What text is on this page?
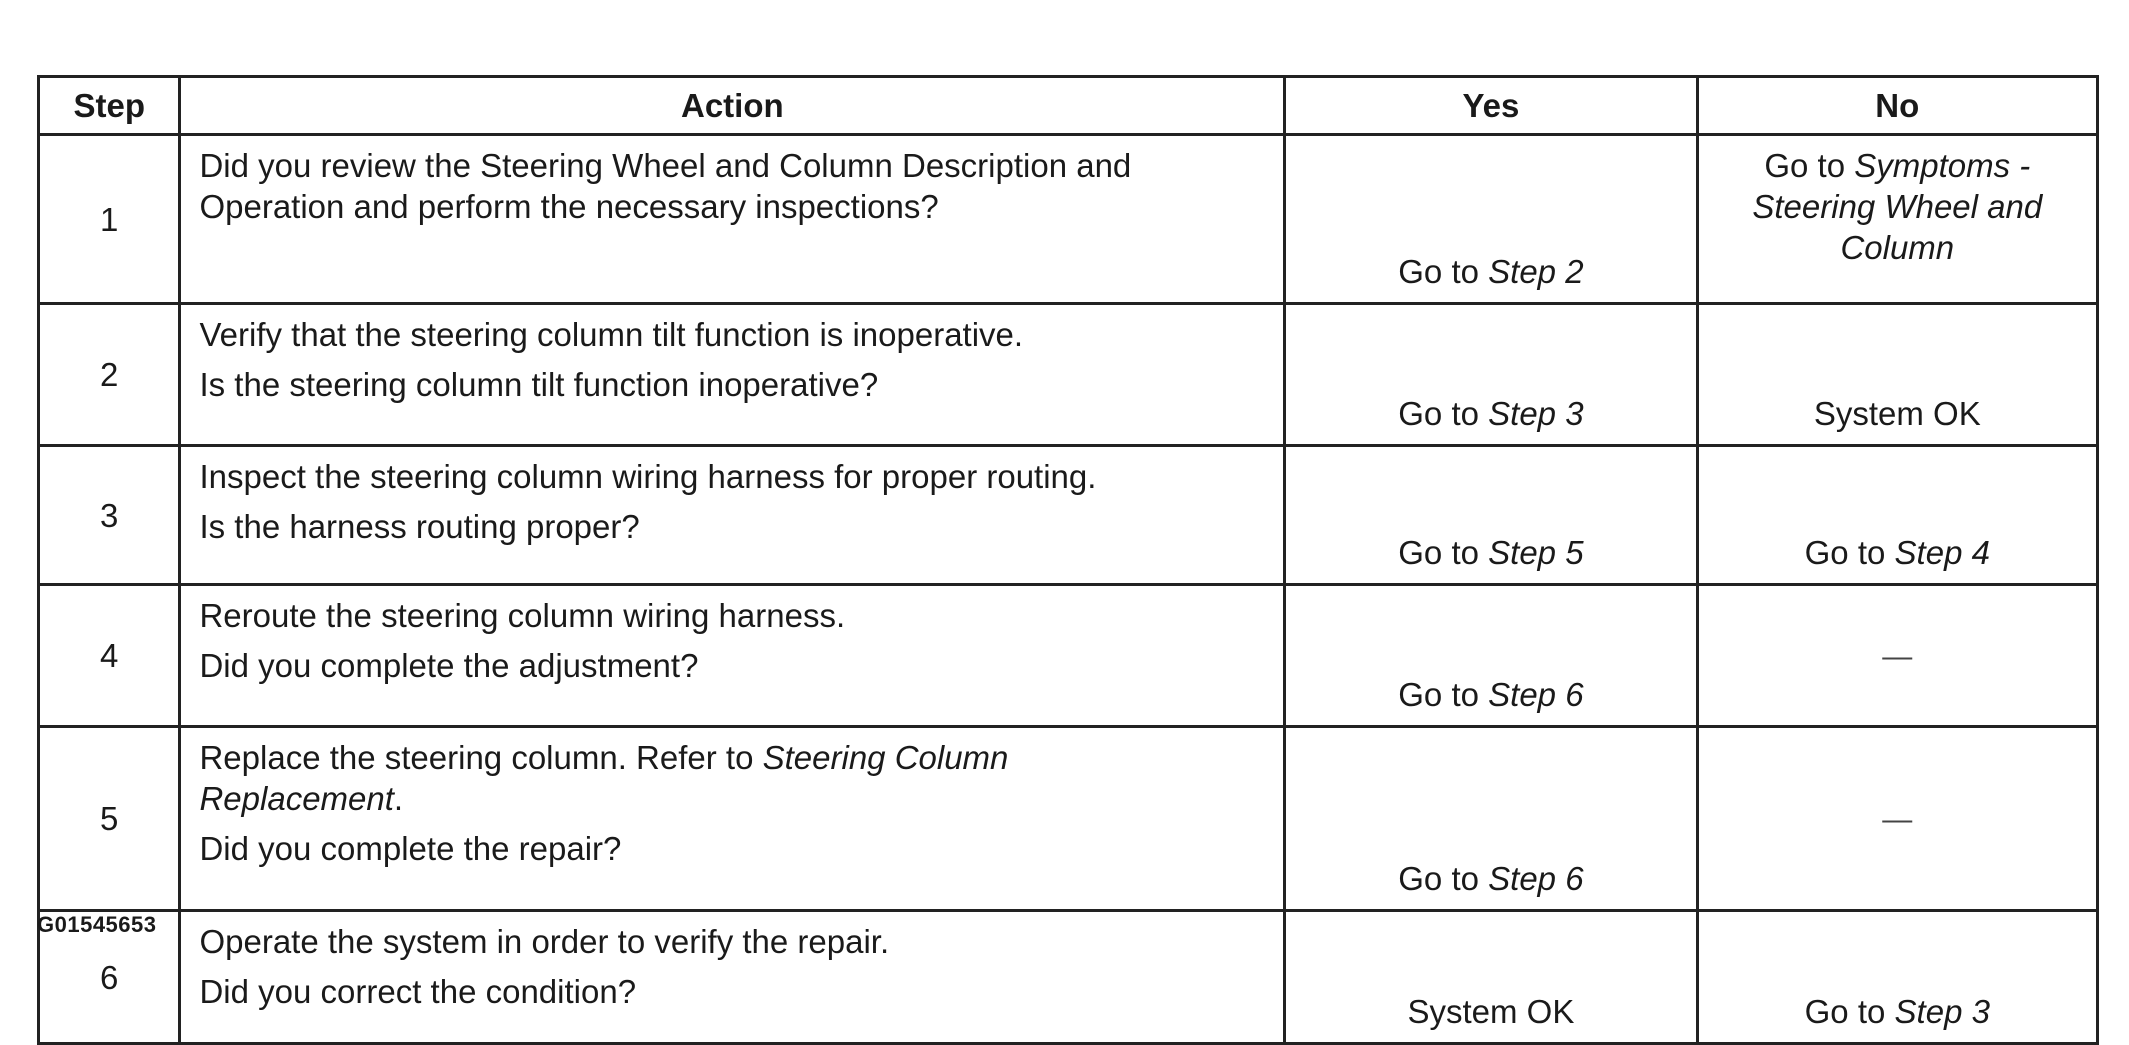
Step	Action	Yes	No
1	Did you review the Steering Wheel and Column Description and
Operation and perform the necessary inspections?	Go to Step 2	Go to Symptoms -
Steering Wheel and
Column
2	Verify that the steering column tilt function is inoperative.
Is the steering column tilt function inoperative?	Go to Step 3	System OK
3	Inspect the steering column wiring harness for proper routing.
Is the harness routing proper?	Go to Step 5	Go to Step 4
4	Reroute the steering column wiring harness.
Did you complete the adjustment?	Go to Step 6	—
5	Replace the steering column. Refer to Steering Column
Replacement.
Did you complete the repair?	Go to Step 6	—
6	Operate the system in order to verify the repair.
Did you correct the condition?	System OK	Go to Step 3
G01545653
